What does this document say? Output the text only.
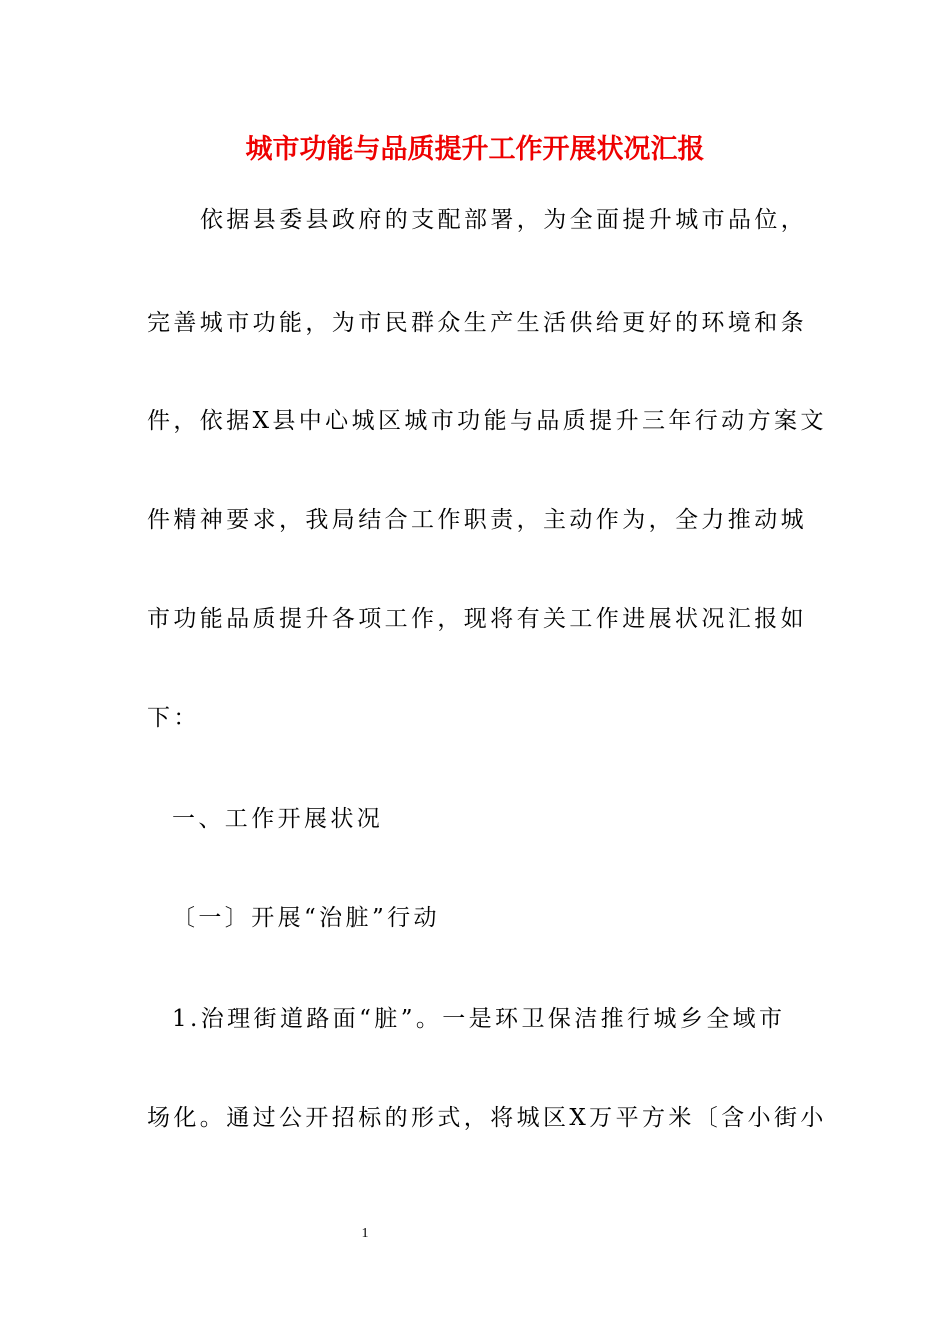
城市功能与品质提升工作开展状况汇报
依据县委县政府的支配部署，为全面提升城市品位，
完善城市功能，为市民群众生产生活供给更好的环境和条
件，依据X县中心城区城市功能与品质提升三年行动方案文
件精神要求，我局结合工作职责，主动作为，全力推动城
市功能品质提升各项工作，现将有关工作进展状况汇报如
下：
一、工作开展状况
〔一〕开展“治脏”行动
1.治理街道路面“脏”。一是环卫保洁推行城乡全域市
场化。通过公开招标的形式，将城区X万平方米〔含小街小
1
